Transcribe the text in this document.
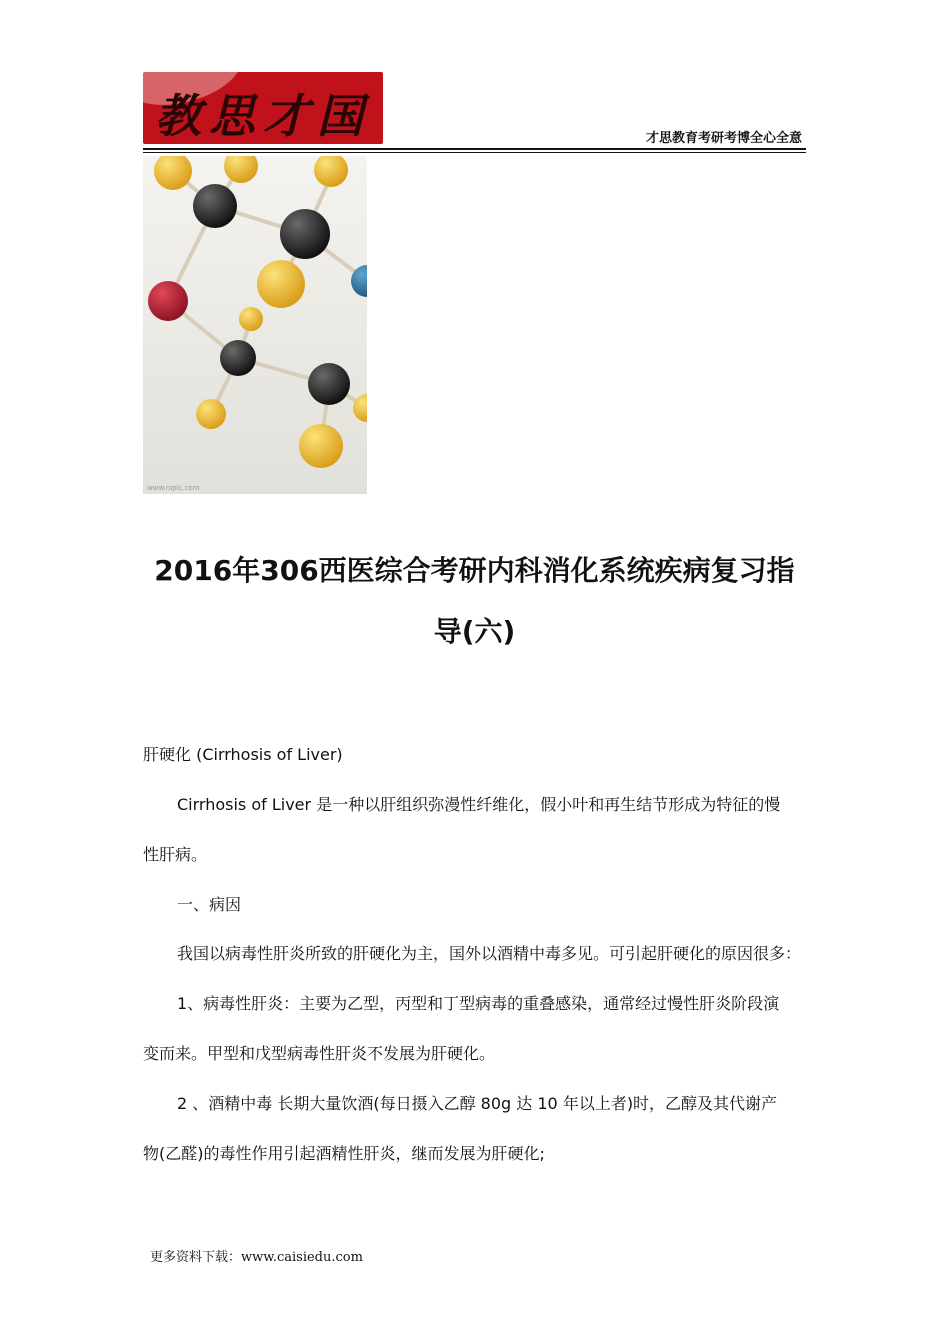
教思才国	才思教育考研考博全心全意
www.nipic.com
2016年306西医综合考研内科消化系统疾病复习指
导(六)
肝硬化 (Cirrhosis of Liver)
Cirrhosis of Liver 是一种以肝组织弥漫性纤维化，假小叶和再生结节形成为特征的慢
性肝病。
一、病因
我国以病毒性肝炎所致的肝硬化为主，国外以酒精中毒多见。可引起肝硬化的原因很多：
1、病毒性肝炎：主要为乙型，丙型和丁型病毒的重叠感染，通常经过慢性肝炎阶段演
变而来。甲型和戊型病毒性肝炎不发展为肝硬化。
2 、酒精中毒 长期大量饮酒(每日摄入乙醇 80g 达 10 年以上者)时，乙醇及其代谢产
物(乙醛)的毒性作用引起酒精性肝炎，继而发展为肝硬化;
更多资料下载：www.caisiedu.com
